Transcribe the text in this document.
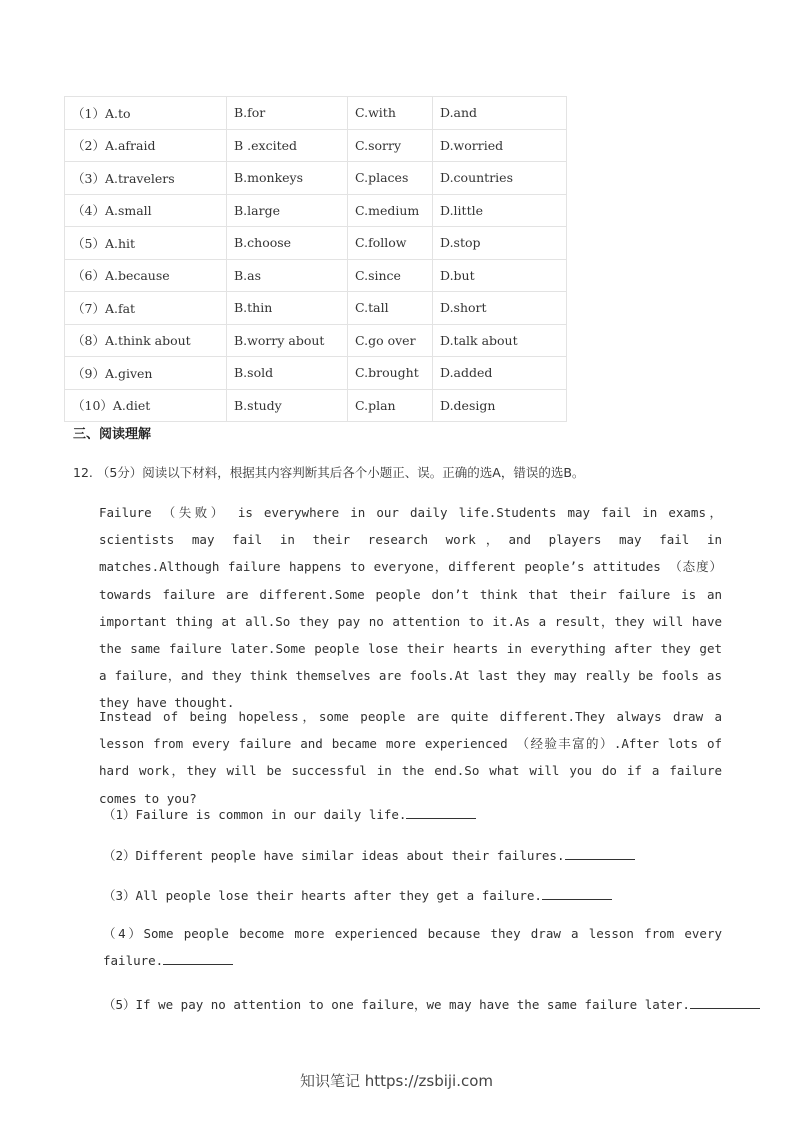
（1）A.to	B.for	C.with	D.and
（2）A.afraid	B .excited	C.sorry	D.worried
（3）A.travelers	B.monkeys	C.places	D.countries
（4）A.small	B.large	C.medium	D.little
（5）A.hit	B.choose	C.follow	D.stop
（6）A.because	B.as	C.since	D.but
（7）A.fat	B.thin	C.tall	D.short
（8）A.think about	B.worry about	C.go over	D.talk about
（9）A.given	B.sold	C.brought	D.added
（10）A.diet	B.study	C.plan	D.design
三、阅读理解
12. （5分）阅读以下材料，根据其内容判断其后各个小题正、误。正确的选A，错误的选B。
Failure （失败） is everywhere in our daily life.Students may fail in exams，scientists may fail in their research work，and players may fail in matches.Although failure happens to everyone，different people’s attitudes （态度） towards failure are different.Some people don’t think that their failure is an important thing at all.So they pay no attention to it.As a result，they will have the same failure later.Some people lose their hearts in everything after they get a failure，and they think themselves are fools.At last they may really be fools as they have thought.
Instead of being hopeless，some people are quite different.They always draw a lesson from every failure and became more experienced （经验丰富的）.After lots of hard work，they will be successful in the end.So what will you do if a failure comes to you?
（1）Failure is common in our daily life.
（2）Different people have similar ideas about their failures.
（3）All people lose their hearts after they get a failure.
（4）Some people become more experienced because they draw a lesson from every failure.
（5）If we pay no attention to one failure，we may have the same failure later.
知识笔记 https://zsbiji.com
